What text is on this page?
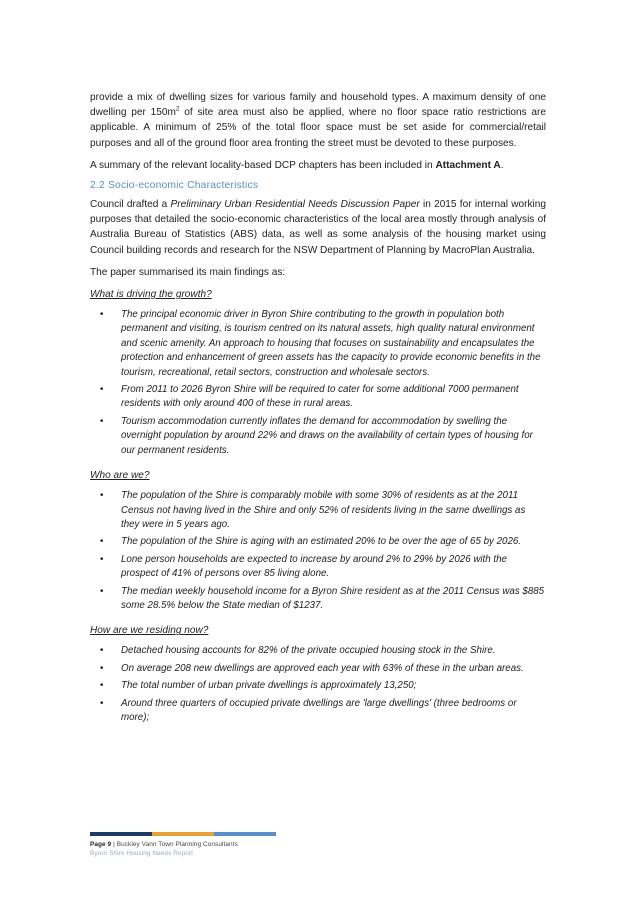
provide a mix of dwelling sizes for various family and household types. A maximum density of one dwelling per $150m^2$ of site area must also be applied, where no floor space ratio restrictions are applicable. A minimum of 25% of the total floor space must be set aside for commercial/retail purposes and all of the ground floor area fronting the street must be devoted to these purposes.

A summary of the relevant locality-based DCP chapters has been included in Attachment A.

2.2 Socio-economic Characteristics

Council drafted a Preliminary Urban Residential Needs Discussion Paper in 2015 for internal working purposes that detailed the socio-economic characteristics of the local area mostly through analysis of Australia Bureau of Statistics (ABS) data, as well as some analysis of the housing market using Council building records and research for the NSW Department of Planning by MacroPlan Australia.

The paper summarised its main findings as:

What is driving the growth?
• The principal economic driver in Byron Shire contributing to the growth in population both permanent and visiting, is tourism centred on its natural assets, high quality natural environment and scenic amenity. An approach to housing that focuses on sustainability and encapsulates the protection and enhancement of green assets has the capacity to provide economic benefits in the tourism, recreational, retail sectors, construction and wholesale sectors.
• From 2011 to 2026 Byron Shire will be required to cater for some additional 7000 permanent residents with only around 400 of these in rural areas.
• Tourism accommodation currently inflates the demand for accommodation by swelling the overnight population by around 22% and draws on the availability of certain types of housing for our permanent residents.
Who are we?
• The population of the Shire is comparably mobile with some 30% of residents as at the 2011 Census not having lived in the Shire and only 52% of residents living in the same dwellings as they were in 5 years ago.
• The population of the Shire is aging with an estimated 20% to be over the age of 65 by 2026.
• Lone person households are expected to increase by around 2% to 29% by 2026 with the prospect of 41% of persons over 85 living alone.
• The median weekly household income for a Byron Shire resident as at the 2011 Census was $885 some 28.5% below the State median of $1237.
How are we residing now?
• Detached housing accounts for 82% of the private occupied housing stock in the Shire.
• On average 208 new dwellings are approved each year with 63% of these in the urban areas.
• The total number of urban private dwellings is approximately 13,250;
• Around three quarters of occupied private dwellings are 'large dwellings' (three bedrooms or more);
Page 9 | Buckley Vann Town Planning Consultants
Byron Shire Housing Needs Report
